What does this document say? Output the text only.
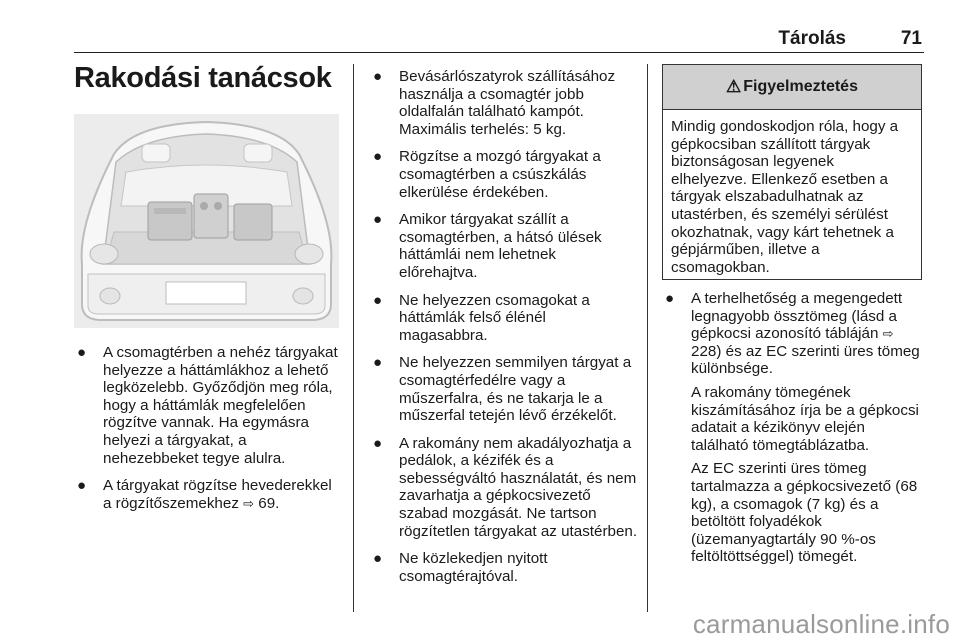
Tárolás	71
Rakodási tanácsok
● A csomagtérben a nehéz tárgyakat helyezze a háttámlákhoz a lehető legközelebb. Győződjön meg róla, hogy a háttámlák megfelelően rögzítve vannak. Ha egymásra helyezi a tárgyakat, a nehezebbeket tegye alulra.
● A tárgyakat rögzítse hevederekkel a rögzítőszemekhez ⇨ 69.
● Bevásárlószatyrok szállításához használja a csomagtér jobb oldalfalán található kampót. Maximális terhelés: 5 kg.
● Rögzítse a mozgó tárgyakat a csomagtérben a csúszkálás elkerülése érdekében.
● Amikor tárgyakat szállít a csomagtérben, a hátsó ülések háttámlái nem lehetnek előrehajtva.
● Ne helyezzen csomagokat a háttámlák felső élénél magasabbra.
● Ne helyezzen semmilyen tárgyat a csomagtérfedélre vagy a műszerfalra, és ne takarja le a műszerfal tetején lévő érzékelőt.
● A rakomány nem akadályozhatja a pedálok, a kézifék és a sebességváltó használatát, és nem zavarhatja a gépkocsivezető szabad mozgását. Ne tartson rögzítetlen tárgyakat az utastérben.
● Ne közlekedjen nyitott csomagtérajtóval.
⚠ Figyelmeztetés
Mindig gondoskodjon róla, hogy a gépkocsiban szállított tárgyak biztonságosan legyenek elhelyezve. Ellenkező esetben a tárgyak elszabadulhatnak az utastérben, és személyi sérülést okozhatnak, vagy kárt tehetnek a gépjárműben, illetve a csomagokban.
● A terhelhetőség a megengedett legnagyobb össztömeg (lásd a gépkocsi azonosító tábláján ⇨ 228) és az EC szerinti üres tömeg különbsége.
A rakomány tömegének kiszámításához írja be a gépkocsi adatait a kézikönyv elején található tömegtáblázatba.
Az EC szerinti üres tömeg tartalmazza a gépkocsivezető (68 kg), a csomagok (7 kg) és a betöltött folyadékok (üzemanyagtartály 90 %-os feltöltöttséggel) tömegét.
carmanualsonline.info
